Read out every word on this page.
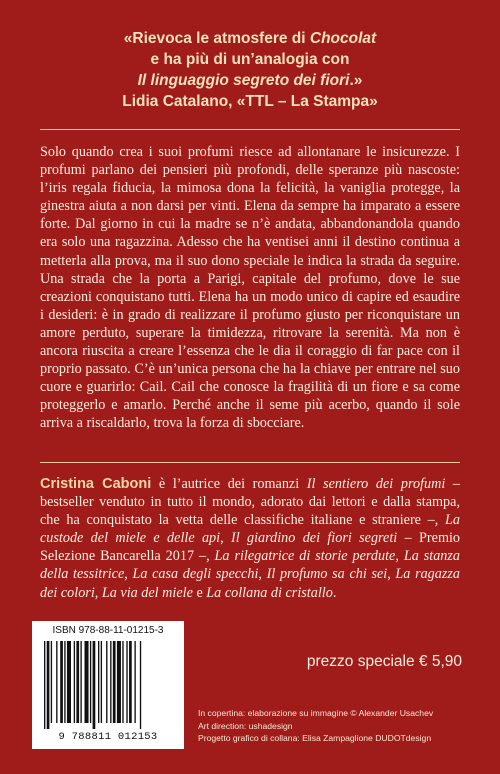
«Rievoca le atmosfere di Chocolat
e ha più di un’analogia con
Il linguaggio segreto dei fiori.»
Lidia Catalano, «TTL – La Stampa»
Solo quando crea i suoi profumi riesce ad allontanare le insicurezze. I profumi parlano dei pensieri più profondi, delle speranze più nascoste: l’iris regala fiducia, la mimosa dona la felicità, la vaniglia protegge, la ginestra aiuta a non darsi per vinti. Elena da sempre ha imparato a essere forte. Dal giorno in cui la madre se n’è andata, abbandonandola quando era solo una ragazzina. Adesso che ha ventisei anni il destino continua a metterla alla prova, ma il suo dono speciale le indica la strada da seguire. Una strada che la porta a Parigi, capitale del profumo, dove le sue creazioni conquistano tutti. Elena ha un modo unico di capire ed esaudire i desideri: è in grado di realizzare il profumo giusto per riconquistare un amore perduto, superare la timidezza, ritrovare la serenità. Ma non è ancora riuscita a creare l’essenza che le dia il coraggio di far pace con il proprio passato. C’è un’unica persona che ha la chiave per entrare nel suo cuore e guarirlo: Cail. Cail che conosce la fragilità di un fiore e sa come proteggerlo e amarlo. Perché anche il seme più acerbo, quando il sole arriva a riscaldarlo, trova la forza di sbocciare.
Cristina Caboni è l’autrice dei romanzi Il sentiero dei profumi – bestseller venduto in tutto il mondo, adorato dai lettori e dalla stampa, che ha conquistato la vetta delle classifiche italiane e straniere –, La custode del miele e delle api, Il giardino dei fiori segreti – Premio Selezione Bancarella 2017 –, La rilegatrice di storie perdute, La stanza della tessitrice, La casa degli specchi, Il profumo sa chi sei, La ragazza dei colori, La via del miele e La collana di cristallo.
ISBN 978-88-11-01215-3
9 788811 012153
prezzo speciale € 5,90
In copertina: elaborazione su immagine © Alexander Usachev
Art direction: ushadesign
Progetto grafico di collana: Elisa Zampaglione DUDOTdesign
